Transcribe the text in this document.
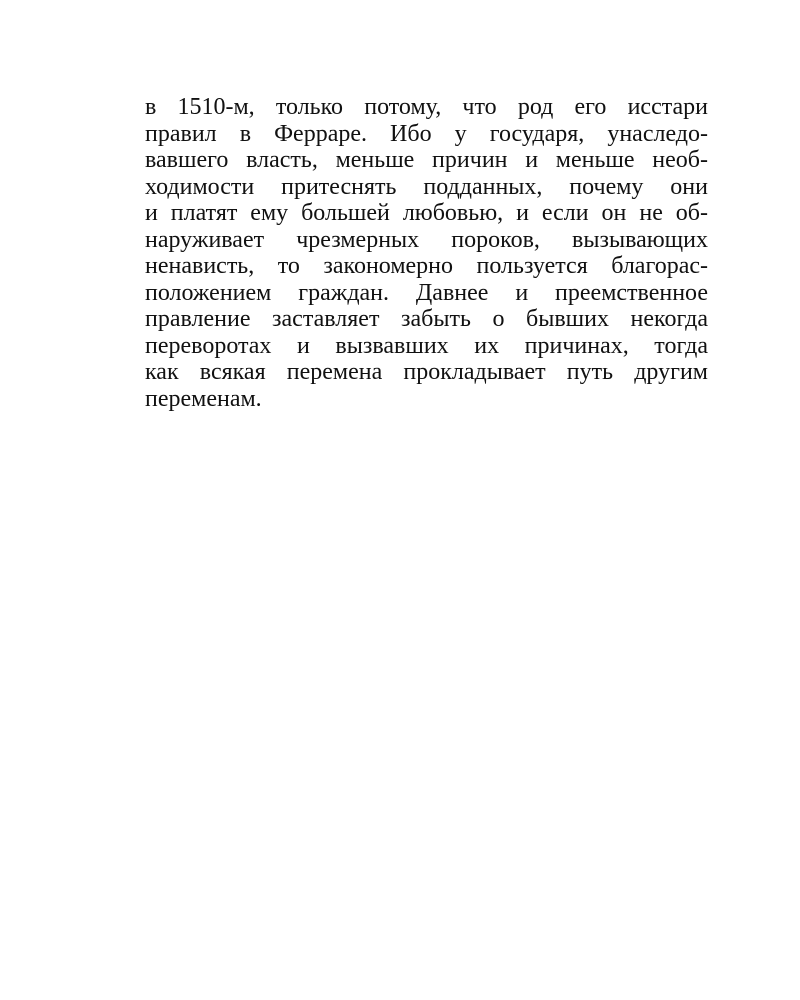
в 1510-м, только потому, что род его исстари
правил в Ферраре. Ибо у государя, унаследо-
вавшего власть, меньше причин и меньше необ-
ходимости притеснять подданных, почему они
и платят ему большей любовью, и если он не об-
наруживает чрезмерных пороков, вызывающих
ненависть, то закономерно пользуется благорас-
положением граждан. Давнее и преемственное
правление заставляет забыть о бывших некогда
переворотах и вызвавших их причинах, тогда
как всякая перемена прокладывает путь другим
переменам.
